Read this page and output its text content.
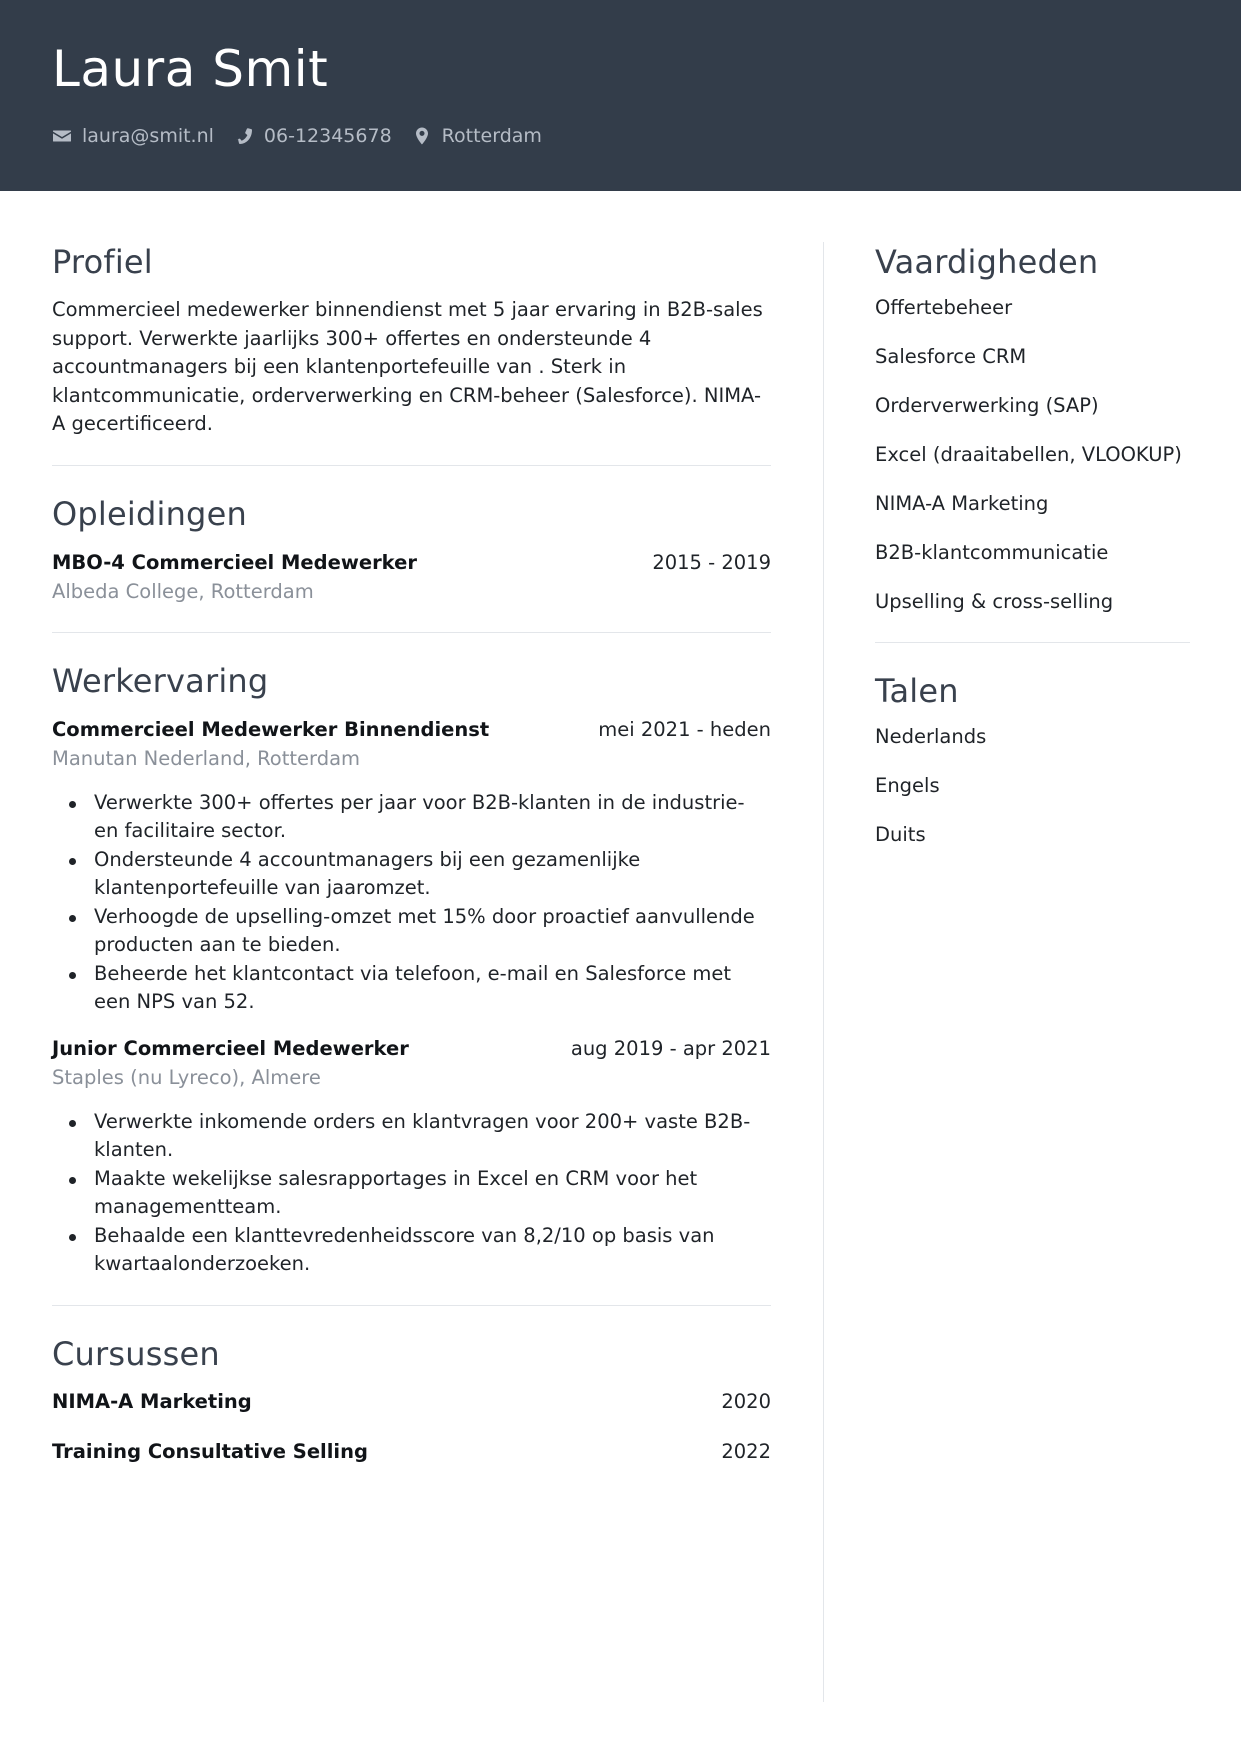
Laura Smit
laura@smit.nl	06-12345678	Rotterdam
Profiel

Commercieel medewerker binnendienst met 5 jaar ervaring in B2B-sales support. Verwerkte jaarlijks 300+ offertes en ondersteunde 4 accountmanagers bij een klantenportefeuille van . Sterk in klantcommunicatie, orderverwerking en CRM-beheer (Salesforce). NIMA-A gecertificeerd.

Opleidingen
MBO-4 Commercieel Medewerker	2015 - 2019
Albeda College, Rotterdam
Werkervaring
Commercieel Medewerker Binnendienst	mei 2021 - heden
Manutan Nederland, Rotterdam
Verwerkte 300+ offertes per jaar voor B2B-klanten in de industrie- en facilitaire sector.
Ondersteunde 4 accountmanagers bij een gezamenlijke klantenportefeuille van jaaromzet.
Verhoogde de upselling-omzet met 15% door proactief aanvullende producten aan te bieden.
Beheerde het klantcontact via telefoon, e-mail en Salesforce met een NPS van 52.
Junior Commercieel Medewerker	aug 2019 - apr 2021
Staples (nu Lyreco), Almere
Verwerkte inkomende orders en klantvragen voor 200+ vaste B2B-klanten.
Maakte wekelijkse salesrapportages in Excel en CRM voor het managementteam.
Behaalde een klanttevredenheidsscore van 8,2/10 op basis van kwartaalonderzoeken.
Cursussen
NIMA-A Marketing	2020
Training Consultative Selling	2022
Vaardigheden
Offertebeheer
Salesforce CRM
Orderverwerking (SAP)
Excel (draaitabellen, VLOOKUP)
NIMA-A Marketing
B2B-klantcommunicatie
Upselling & cross-selling
Talen
Nederlands
Engels
Duits
